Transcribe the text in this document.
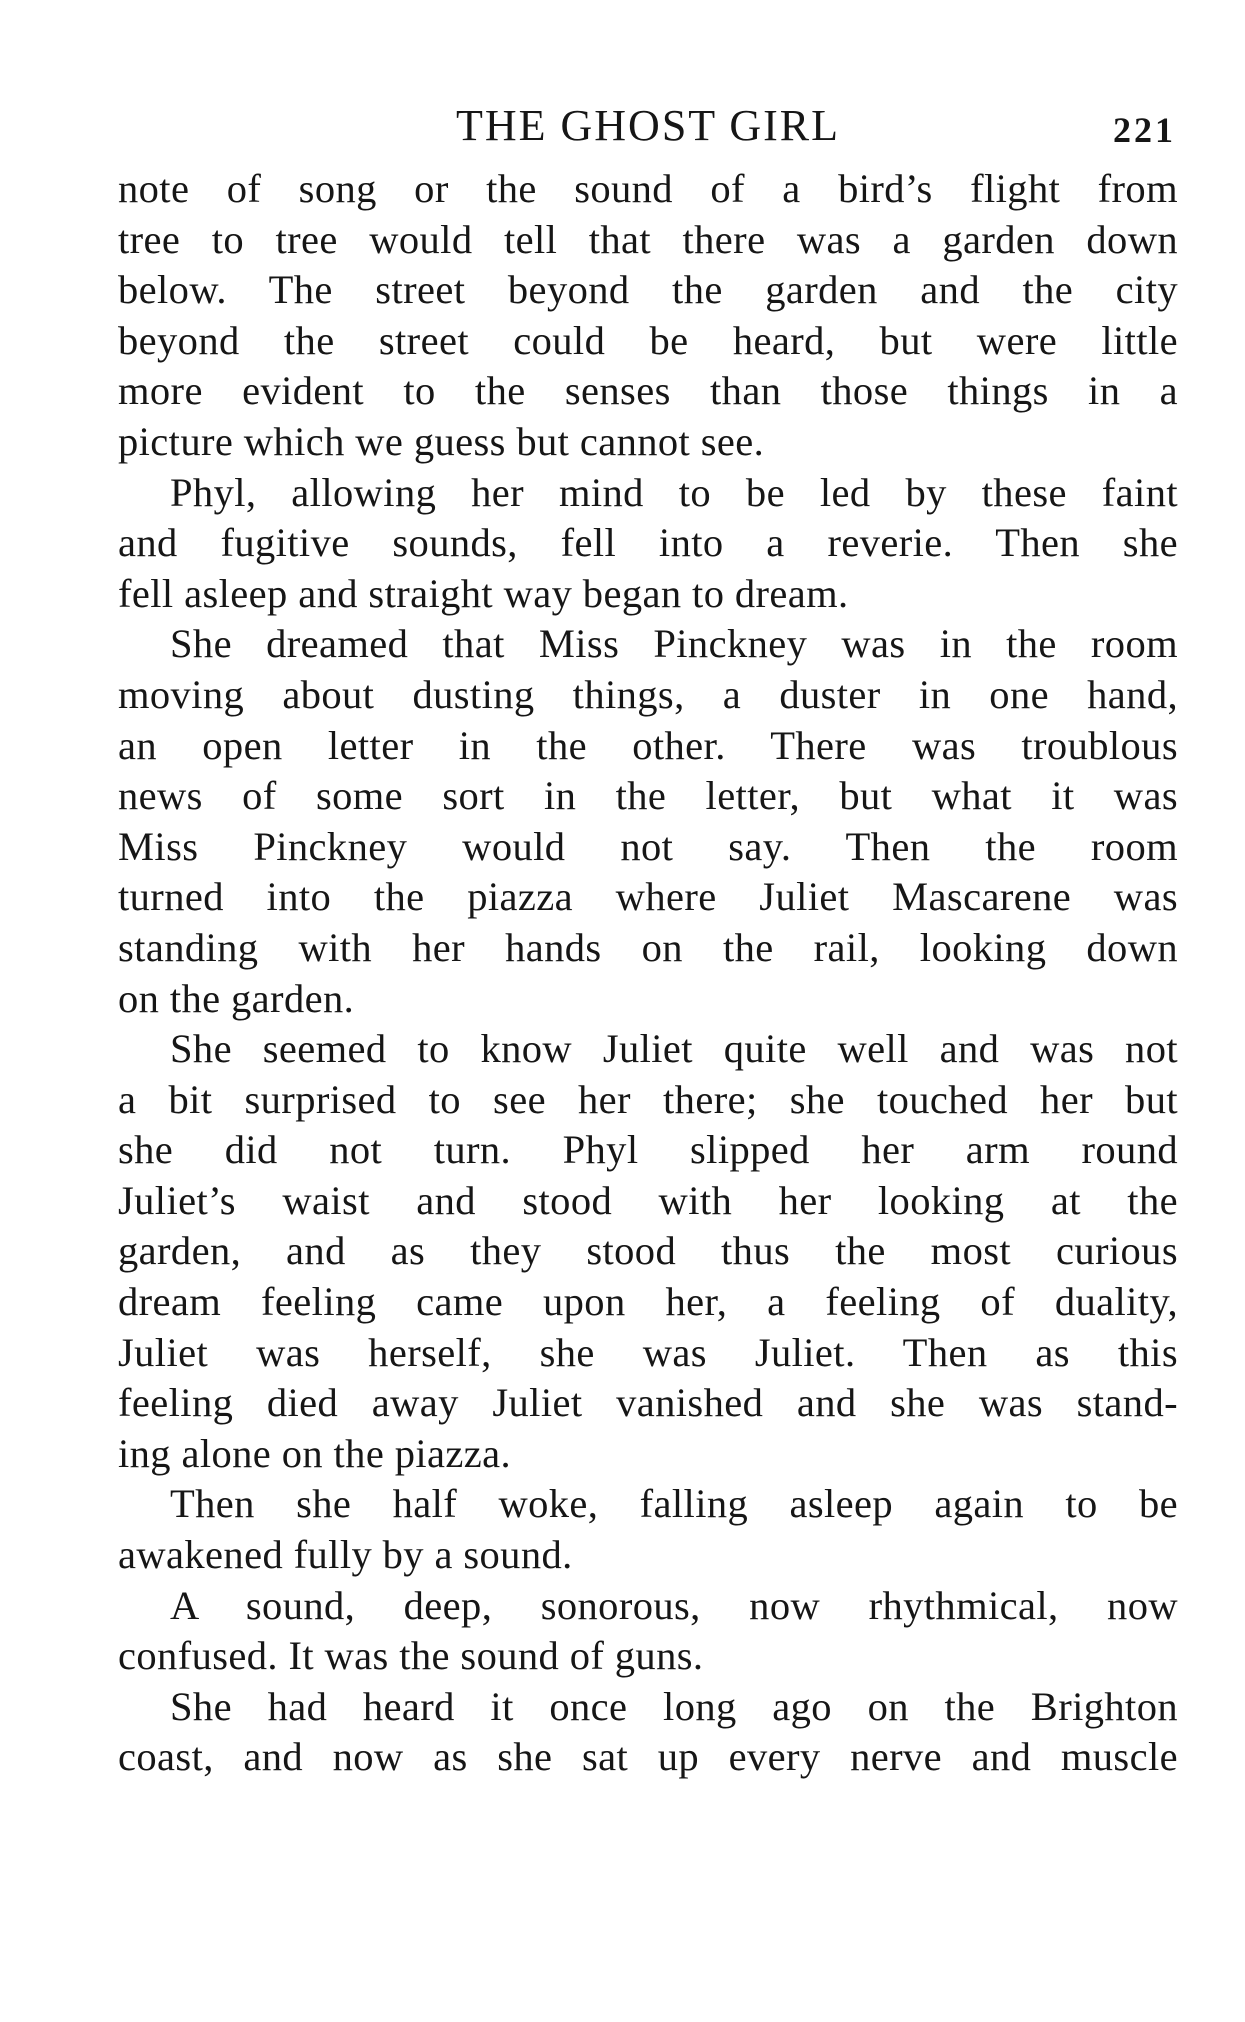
THE GHOST GIRL	221
note of song or the sound of a bird’s flight from
tree to tree would tell that there was a garden down
below. The street beyond the garden and the city
beyond the street could be heard, but were little
more evident to the senses than those things in a
picture which we guess but cannot see.
Phyl, allowing her mind to be led by these faint
and fugitive sounds, fell into a reverie. Then she
fell asleep and straight way began to dream.
She dreamed that Miss Pinckney was in the room
moving about dusting things, a duster in one hand,
an open letter in the other. There was troublous
news of some sort in the letter, but what it was
Miss Pinckney would not say. Then the room
turned into the piazza where Juliet Mascarene was
standing with her hands on the rail, looking down
on the garden.
She seemed to know Juliet quite well and was not
a bit surprised to see her there; she touched her but
she did not turn. Phyl slipped her arm round
Juliet’s waist and stood with her looking at the
garden, and as they stood thus the most curious
dream feeling came upon her, a feeling of duality,
Juliet was herself, she was Juliet. Then as this
feeling died away Juliet vanished and she was stand-
ing alone on the piazza.
Then she half woke, falling asleep again to be
awakened fully by a sound.
A sound, deep, sonorous, now rhythmical, now
confused. It was the sound of guns.
She had heard it once long ago on the Brighton
coast, and now as she sat up every nerve and muscle
